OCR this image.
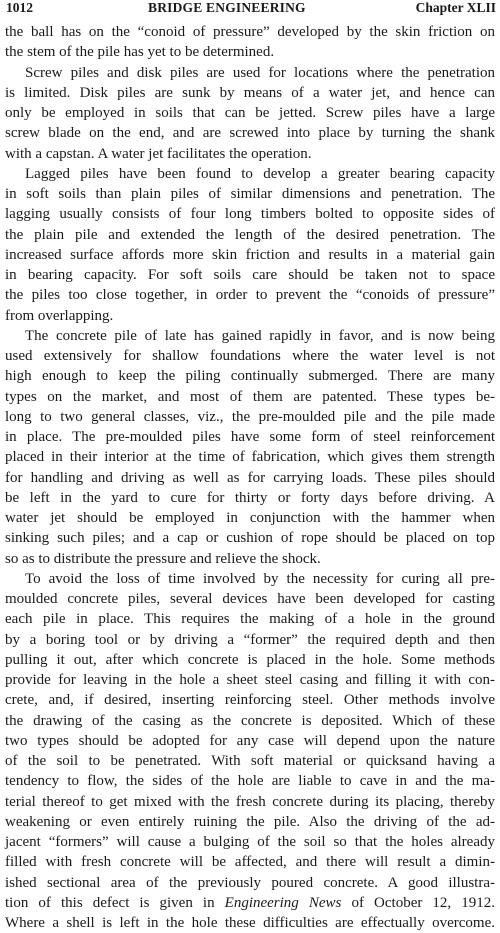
1012	BRIDGE ENGINEERING	Chapter XLII
the ball has on the “conoid of pressure” developed by the skin friction on
the stem of the pile has yet to be determined.
Screw piles and disk piles are used for locations where the penetration
is limited. Disk piles are sunk by means of a water jet, and hence can
only be employed in soils that can be jetted. Screw piles have a large
screw blade on the end, and are screwed into place by turning the shank
with a capstan. A water jet facilitates the operation.
Lagged piles have been found to develop a greater bearing capacity
in soft soils than plain piles of similar dimensions and penetration. The
lagging usually consists of four long timbers bolted to opposite sides of
the plain pile and extended the length of the desired penetration. The
increased surface affords more skin friction and results in a material gain
in bearing capacity. For soft soils care should be taken not to space
the piles too close together, in order to prevent the “conoids of pressure”
from overlapping.
The concrete pile of late has gained rapidly in favor, and is now being
used extensively for shallow foundations where the water level is not
high enough to keep the piling continually submerged. There are many
types on the market, and most of them are patented. These types be-
long to two general classes, viz., the pre-moulded pile and the pile made
in place. The pre-moulded piles have some form of steel reinforcement
placed in their interior at the time of fabrication, which gives them strength
for handling and driving as well as for carrying loads. These piles should
be left in the yard to cure for thirty or forty days before driving. A
water jet should be employed in conjunction with the hammer when
sinking such piles; and a cap or cushion of rope should be placed on top
so as to distribute the pressure and relieve the shock.
To avoid the loss of time involved by the necessity for curing all pre-
moulded concrete piles, several devices have been developed for casting
each pile in place. This requires the making of a hole in the ground
by a boring tool or by driving a “former” the required depth and then
pulling it out, after which concrete is placed in the hole. Some methods
provide for leaving in the hole a sheet steel casing and filling it with con-
crete, and, if desired, inserting reinforcing steel. Other methods involve
the drawing of the casing as the concrete is deposited. Which of these
two types should be adopted for any case will depend upon the nature
of the soil to be penetrated. With soft material or quicksand having a
tendency to flow, the sides of the hole are liable to cave in and the ma-
terial thereof to get mixed with the fresh concrete during its placing, thereby
weakening or even entirely ruining the pile. Also the driving of the ad-
jacent “formers” will cause a bulging of the soil so that the holes already
filled with fresh concrete will be affected, and there will result a dimin-
ished sectional area of the previously poured concrete. A good illustra-
tion of this defect is given in Engineering News of October 12, 1912.
Where a shell is left in the hole these difficulties are effectually overcome.
